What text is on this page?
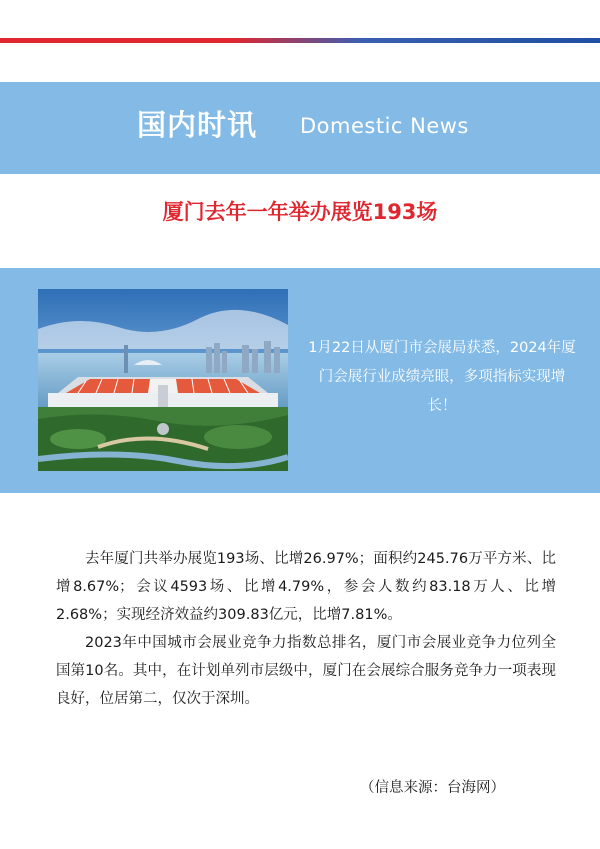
国内时讯 Domestic News
厦门去年一年举办展览193场
1月22日从厦门市会展局获悉，2024年厦门会展行业成绩亮眼，多项指标实现增长！

去年厦门共举办展览193场、比增26.97%；面积约245.76万平方米、比增8.67%；会议4593场、比增4.79%，参会人数约83.18万人、比增2.68%；实现经济效益约309.83亿元，比增7.81%。

2023年中国城市会展业竞争力指数总排名，厦门市会展业竞争力位列全国第10名。其中，在计划单列市层级中，厦门在会展综合服务竞争力一项表现良好，位居第二，仅次于深圳。

（信息来源：台海网）
